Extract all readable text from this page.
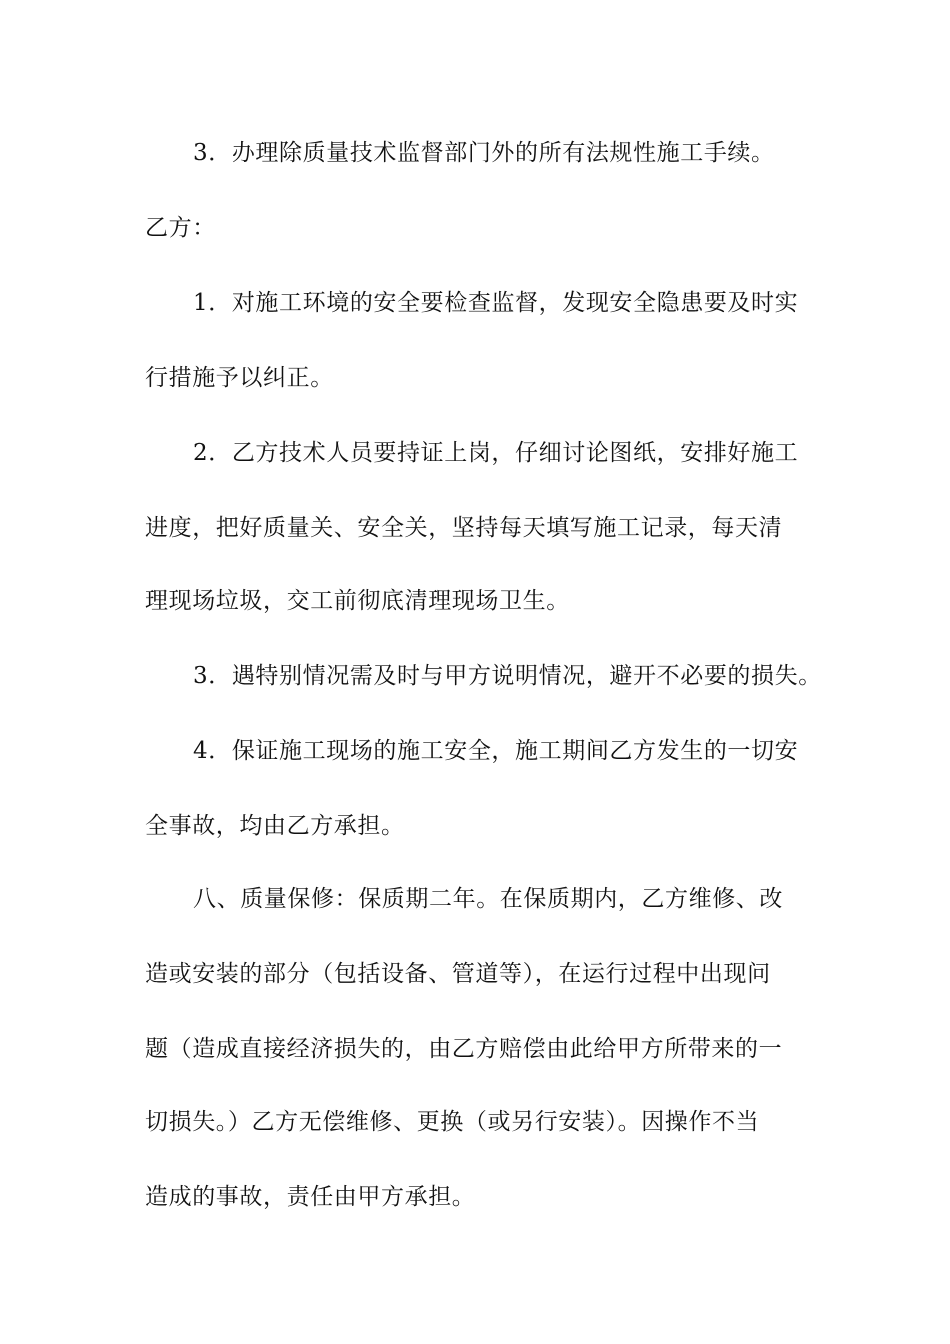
3．办理除质量技术监督部门外的所有法规性施工手续。
乙方：
1．对施工环境的安全要检查监督，发现安全隐患要及时实
行措施予以纠正。
2．乙方技术人员要持证上岗，仔细讨论图纸，安排好施工
进度，把好质量关、安全关，坚持每天填写施工记录，每天清
理现场垃圾，交工前彻底清理现场卫生。
3．遇特别情况需及时与甲方说明情况，避开不必要的损失。
4．保证施工现场的施工安全，施工期间乙方发生的一切安
全事故，均由乙方承担。
八、质量保修：保质期二年。在保质期内，乙方维修、改
造或安装的部分（包括设备、管道等），在运行过程中出现问
题（造成直接经济损失的，由乙方赔偿由此给甲方所带来的一
切损失。）乙方无偿维修、更换（或另行安装）。因操作不当
造成的事故，责任由甲方承担。
